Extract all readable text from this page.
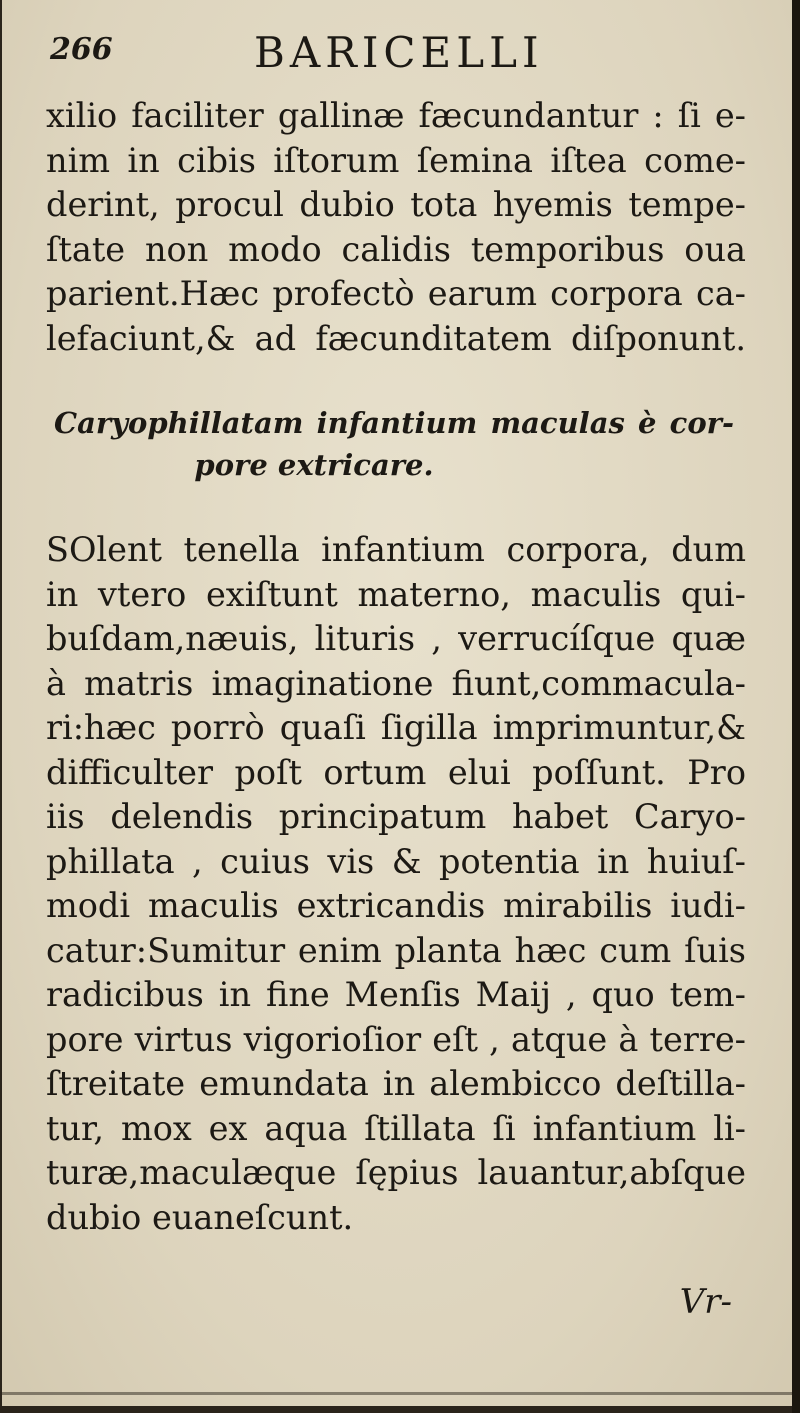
266	BARICELLI

xilio faciliter gallinæ fæcundantur : ſi e-
nim in cibis iſtorum ſemina iſtea come-
derint, procul dubio tota hyemis tempe-
ſtate non modo calidis temporibus oua
parient.Hæc profectò earum corpora ca-
lefaciunt,& ad fæcunditatem diſponunt.

Caryophillatam infantium maculas è cor-
pore extricare.

SOlent tenella infantium corpora, dum
in vtero exiſtunt materno, maculis qui-
buſdam,næuis, lituris , verrucíſque quæ
à matris imaginatione fiunt,commacula-
ri:hæc porrò quaſi ſigilla imprimuntur,&
difficulter poſt ortum elui poſſunt. Pro
iis delendis principatum habet Caryo-
phillata , cuius vis & potentia in huiuſ-
modi maculis extricandis mirabilis iudi-
catur:Sumitur enim planta hæc cum ſuis
radicibus in fine Menſis Maij , quo tem-
pore virtus vigorioſior eſt , atque à terre-
ſtreitate emundata in alembicco deſtilla-
tur, mox ex aqua ſtillata ſi infantium li-
turæ,maculæque ſępius lauantur,abſque
dubio euaneſcunt.

Vr-
